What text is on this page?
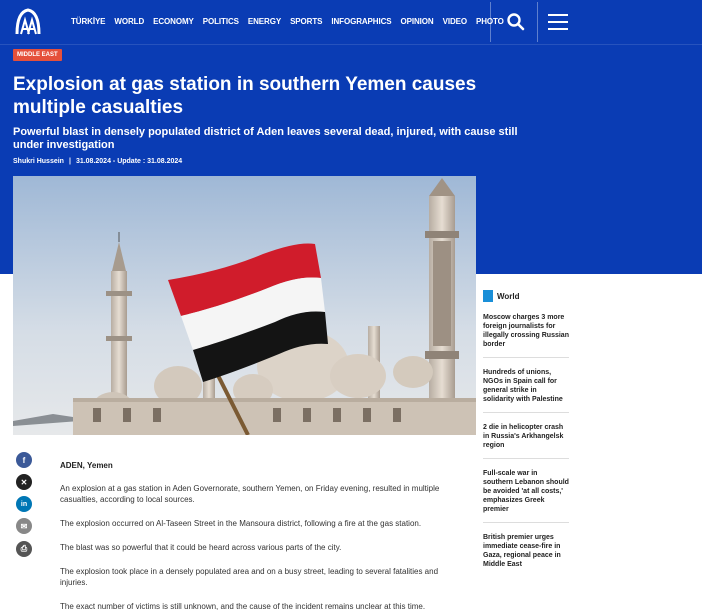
TÜRKİYE WORLD ECONOMY POLITICS ENERGY SPORTS INFOGRAPHICS OPINION VIDEO PHOTO
MIDDLE EAST
Explosion at gas station in southern Yemen causes multiple casualties
Powerful blast in densely populated district of Aden leaves several dead, injured, with cause still under investigation
Shukri Hussein | 31.08.2024 - Update : 31.08.2024
f
✕
in
✉
⎙
ADEN, Yemen

An explosion at a gas station in Aden Governorate, southern Yemen, on Friday evening, resulted in multiple casualties, according to local sources.

The explosion occurred on Al-Taseen Street in the Mansoura district, following a fire at the gas station.

The blast was so powerful that it could be heard across various parts of the city.

The explosion took place in a densely populated area and on a busy street, leading to several fatalities and injuries.

The exact number of victims is still unknown, and the cause of the incident remains unclear at this time.

World
Moscow charges 3 more foreign journalists for illegally crossing Russian border
Hundreds of unions, NGOs in Spain call for general strike in solidarity with Palestine
2 die in helicopter crash in Russia's Arkhangelsk region
Full-scale war in southern Lebanon should be avoided 'at all costs,' emphasizes Greek premier
British premier urges immediate cease-fire in Gaza, regional peace in Middle East
